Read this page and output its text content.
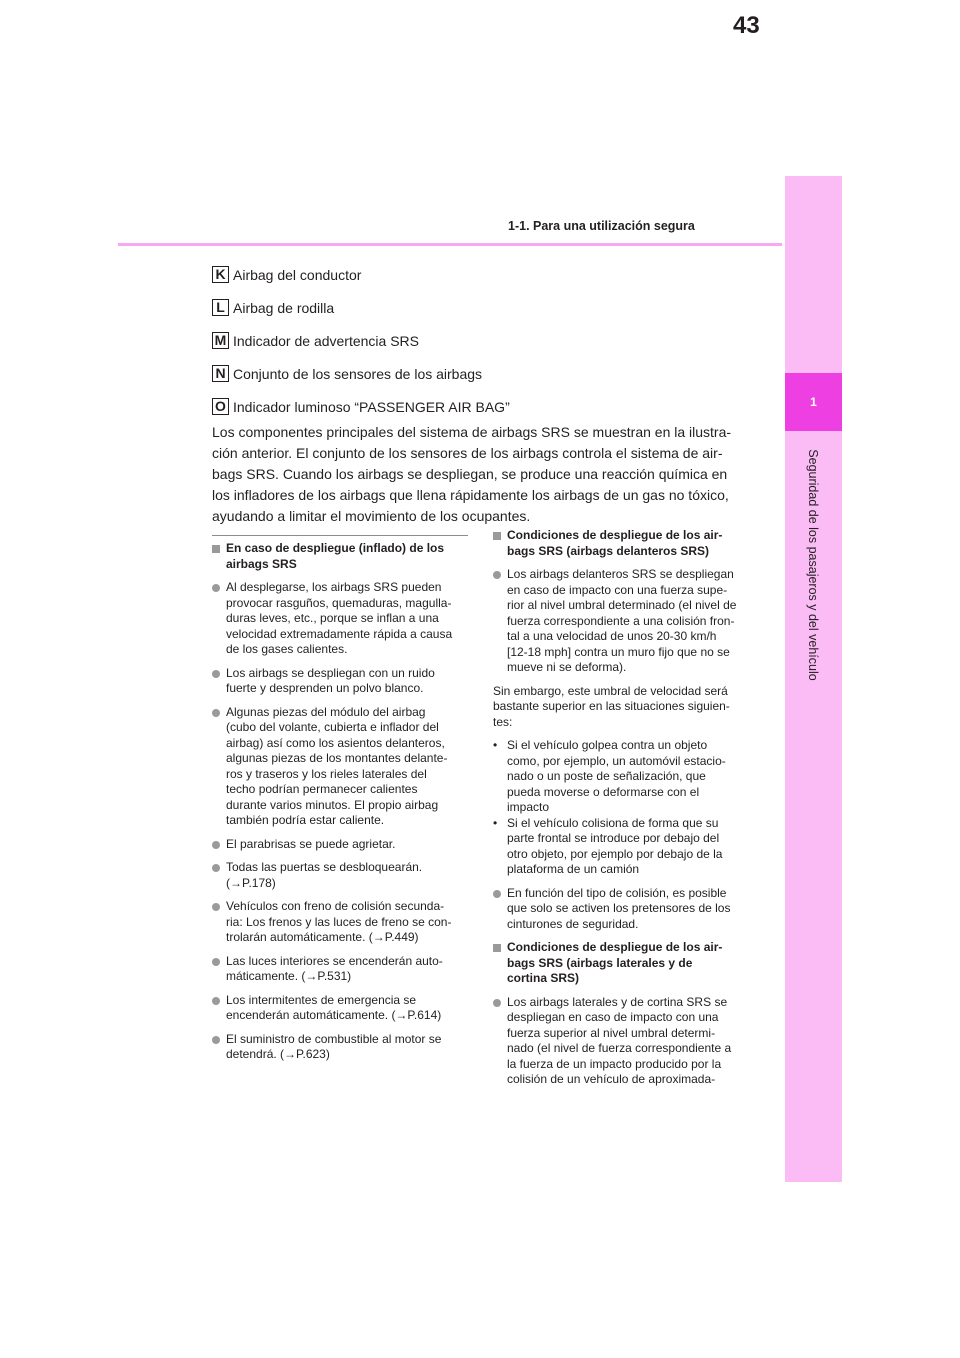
43
1-1. Para una utilización segura
1
Seguridad de los pasajeros y del vehículo
K Airbag del conductor
L Airbag de rodilla
M Indicador de advertencia SRS
N Conjunto de los sensores de los airbags
O Indicador luminoso “PASSENGER AIR BAG”

Los componentes principales del sistema de airbags SRS se muestran en la ilustra-
ción anterior. El conjunto de los sensores de los airbags controla el sistema de air-
bags SRS. Cuando los airbags se despliegan, se produce una reacción química en
los infladores de los airbags que llena rápidamente los airbags de un gas no tóxico,
ayudando a limitar el movimiento de los ocupantes.

En caso de despliegue (inflado) de los
airbags SRS
Al desplegarse, los airbags SRS pueden
provocar rasguños, quemaduras, magulla-
duras leves, etc., porque se inflan a una
velocidad extremadamente rápida a causa
de los gases calientes.
Los airbags se despliegan con un ruido
fuerte y desprenden un polvo blanco.
Algunas piezas del módulo del airbag
(cubo del volante, cubierta e inflador del
airbag) así como los asientos delanteros,
algunas piezas de los montantes delante-
ros y traseros y los rieles laterales del
techo podrían permanecer calientes
durante varios minutos. El propio airbag
también podría estar caliente.
El parabrisas se puede agrietar.
Todas las puertas se desbloquearán.
(→P.178)
Vehículos con freno de colisión secunda-
ria: Los frenos y las luces de freno se con-
trolarán automáticamente. (→P.449)
Las luces interiores se encenderán auto-
máticamente. (→P.531)
Los intermitentes de emergencia se
encenderán automáticamente. (→P.614)
El suministro de combustible al motor se
detendrá. (→P.623)
Condiciones de despliegue de los air-
bags SRS (airbags delanteros SRS)
Los airbags delanteros SRS se despliegan
en caso de impacto con una fuerza supe-
rior al nivel umbral determinado (el nivel de
fuerza correspondiente a una colisión fron-
tal a una velocidad de unos 20-30 km/h
[12-18 mph] contra un muro fijo que no se
mueve ni se deforma).
Sin embargo, este umbral de velocidad será
bastante superior en las situaciones siguien-
tes:
• Si el vehículo golpea contra un objeto
como, por ejemplo, un automóvil estacio-
nado o un poste de señalización, que
pueda moverse o deformarse con el
impacto
• Si el vehículo colisiona de forma que su
parte frontal se introduce por debajo del
otro objeto, por ejemplo por debajo de la
plataforma de un camión
En función del tipo de colisión, es posible
que solo se activen los pretensores de los
cinturones de seguridad.
Condiciones de despliegue de los air-
bags SRS (airbags laterales y de
cortina SRS)
Los airbags laterales y de cortina SRS se
despliegan en caso de impacto con una
fuerza superior al nivel umbral determi-
nado (el nivel de fuerza correspondiente a
la fuerza de un impacto producido por la
colisión de un vehículo de aproximada-
